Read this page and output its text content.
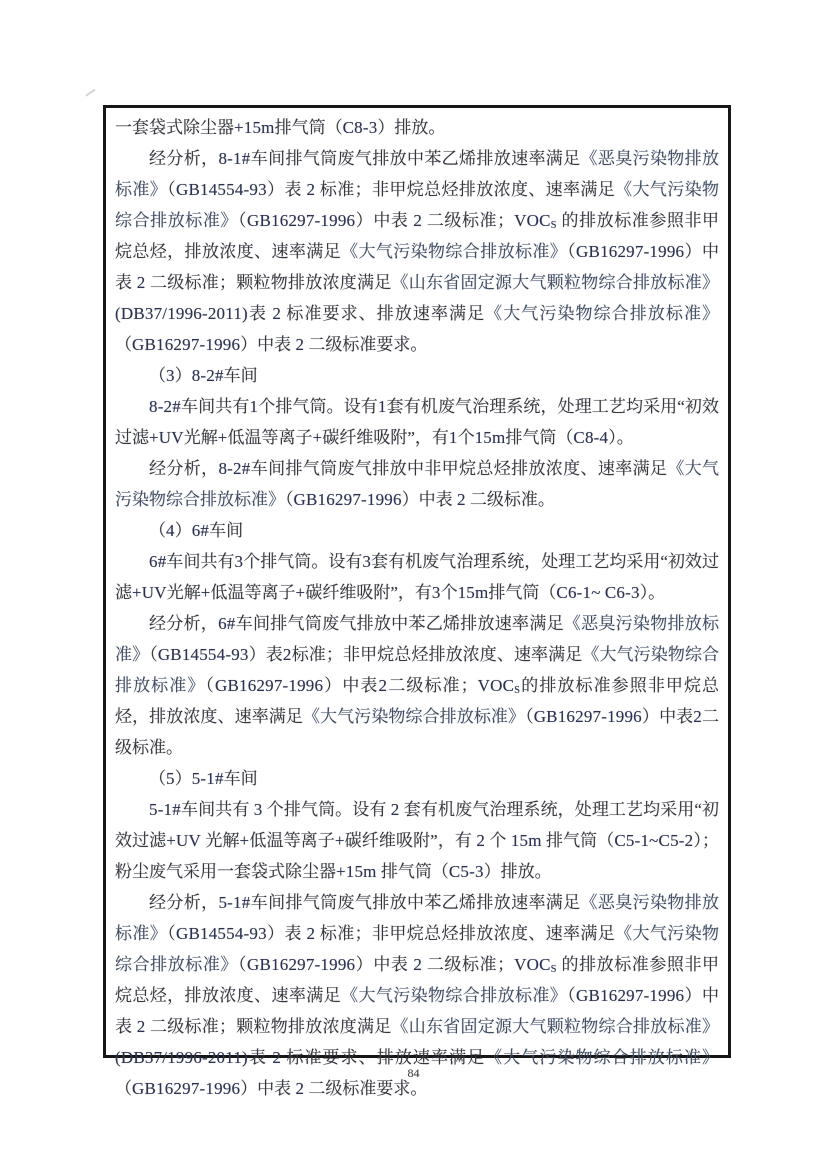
一套袋式除尘器+15m排气筒（C8-3）排放。

经分析，8-1#车间排气筒废气排放中苯乙烯排放速率满足《恶臭污染物排放标准》（GB14554-93）表 2 标准；非甲烷总烃排放浓度、速率满足《大气污染物综合排放标准》（GB16297-1996）中表 2 二级标准；$VOC_S$ 的排放标准参照非甲烷总烃，排放浓度、速率满足《大气污染物综合排放标准》（GB16297-1996）中表 2 二级标准；颗粒物排放浓度满足《山东省固定源大气颗粒物综合排放标准》(DB37/1996-2011)表 2 标准要求、排放速率满足《大气污染物综合排放标准》（GB16297-1996）中表 2 二级标准要求。

（3）8-2#车间

8-2#车间共有1个排气筒。设有1套有机废气治理系统，处理工艺均采用“初效过滤+UV光解+低温等离子+碳纤维吸附”，有1个15m排气筒（C8-4）。

经分析，8-2#车间排气筒废气排放中非甲烷总烃排放浓度、速率满足《大气污染物综合排放标准》（GB16297-1996）中表 2 二级标准。

（4）6#车间

6#车间共有3个排气筒。设有3套有机废气治理系统，处理工艺均采用“初效过滤+UV光解+低温等离子+碳纤维吸附”，有3个15m排气筒（C6-1~ C6-3）。

经分析，6#车间排气筒废气排放中苯乙烯排放速率满足《恶臭污染物排放标准》（GB14554-93）表2标准；非甲烷总烃排放浓度、速率满足《大气污染物综合排放标准》（GB16297-1996）中表2二级标准；$VOC_S$的排放标准参照非甲烷总烃，排放浓度、速率满足《大气污染物综合排放标准》（GB16297-1996）中表2二级标准。

（5）5-1#车间

5-1#车间共有 3 个排气筒。设有 2 套有机废气治理系统，处理工艺均采用“初效过滤+UV 光解+低温等离子+碳纤维吸附”，有 2 个 15m 排气筒（C5-1~C5-2）；粉尘废气采用一套袋式除尘器+15m 排气筒（C5-3）排放。

经分析，5-1#车间排气筒废气排放中苯乙烯排放速率满足《恶臭污染物排放标准》（GB14554-93）表 2 标准；非甲烷总烃排放浓度、速率满足《大气污染物综合排放标准》（GB16297-1996）中表 2 二级标准；$VOC_S$ 的排放标准参照非甲烷总烃，排放浓度、速率满足《大气污染物综合排放标准》（GB16297-1996）中表 2 二级标准；颗粒物排放浓度满足《山东省固定源大气颗粒物综合排放标准》(DB37/1996-2011)表 2 标准要求、排放速率满足《大气污染物综合排放标准》（GB16297-1996）中表 2 二级标准要求。

84
